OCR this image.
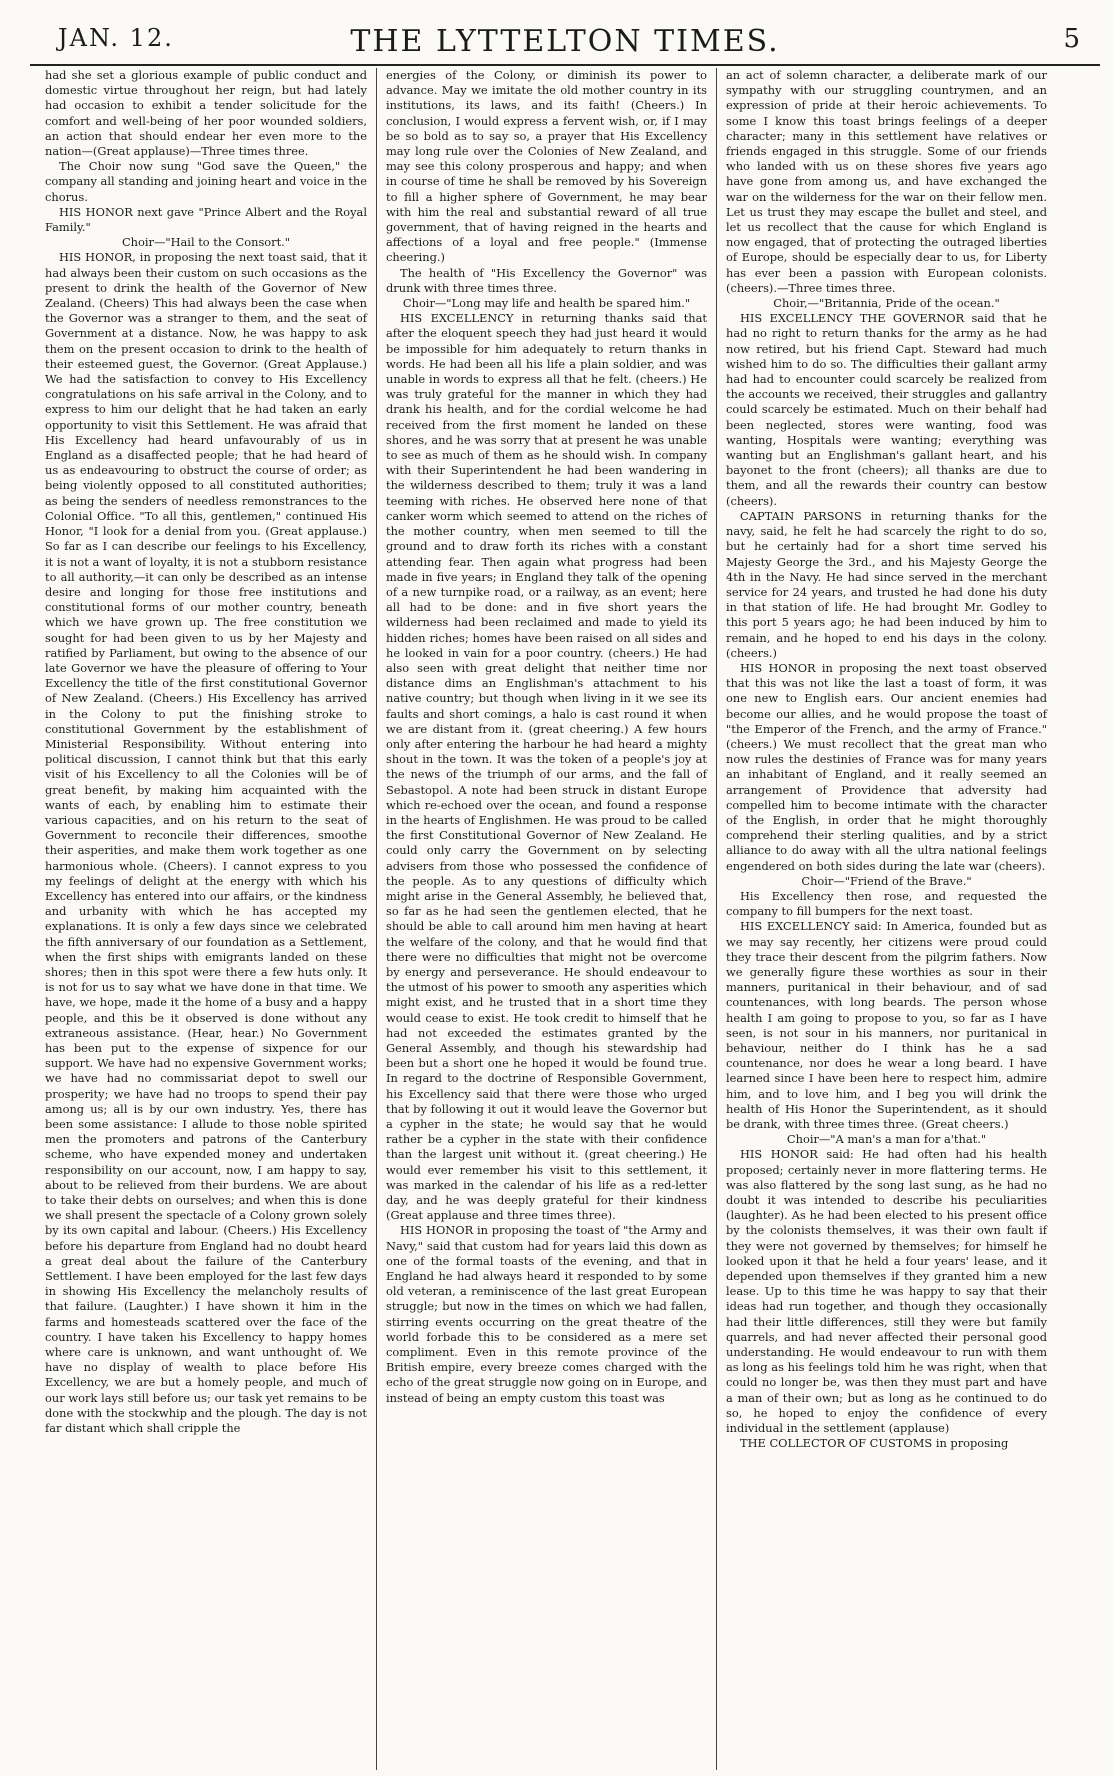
JAN. 12.	THE LYTTELTON TIMES.	5

had she set a glorious example of public conduct and domestic virtue throughout her reign, but had lately had occasion to exhibit a tender solicitude for the comfort and well-being of her poor wounded soldiers, an action that should endear her even more to the nation—(Great applause)—Three times three.

The Choir now sung "God save the Queen," the company all standing and joining heart and voice in the chorus.

HIS HONOR next gave "Prince Albert and the Royal Family."

Choir—"Hail to the Consort."

HIS HONOR, in proposing the next toast said, that it had always been their custom on such occasions as the present to drink the health of the Governor of New Zealand. (Cheers) This had always been the case when the Governor was a stranger to them, and the seat of Government at a distance. Now, he was happy to ask them on the present occasion to drink to the health of their esteemed guest, the Governor. (Great Applause.) We had the satisfaction to convey to His Excellency congratulations on his safe arrival in the Colony, and to express to him our delight that he had taken an early opportunity to visit this Settlement. He was afraid that His Excellency had heard unfavourably of us in England as a disaffected people; that he had heard of us as endeavouring to obstruct the course of order; as being violently opposed to all constituted authorities; as being the senders of needless remonstrances to the Colonial Office. "To all this, gentlemen," continued His Honor, "I look for a denial from you. (Great applause.) So far as I can describe our feelings to his Excellency, it is not a want of loyalty, it is not a stubborn resistance to all authority,—it can only be described as an intense desire and longing for those free institutions and constitutional forms of our mother country, beneath which we have grown up. The free constitution we sought for had been given to us by her Majesty and ratified by Parliament, but owing to the absence of our late Governor we have the pleasure of offering to Your Excellency the title of the first constitutional Governor of New Zealand. (Cheers.) His Excellency has arrived in the Colony to put the finishing stroke to constitutional Government by the establishment of Ministerial Responsibility. Without entering into political discussion, I cannot think but that this early visit of his Excellency to all the Colonies will be of great benefit, by making him acquainted with the wants of each, by enabling him to estimate their various capacities, and on his return to the seat of Government to reconcile their differences, smoothe their asperities, and make them work together as one harmonious whole. (Cheers). I cannot express to you my feelings of delight at the energy with which his Excellency has entered into our affairs, or the kindness and urbanity with which he has accepted my explanations. It is only a few days since we celebrated the fifth anniversary of our foundation as a Settlement, when the first ships with emigrants landed on these shores; then in this spot were there a few huts only. It is not for us to say what we have done in that time. We have, we hope, made it the home of a busy and a happy people, and this be it observed is done without any extraneous assistance. (Hear, hear.) No Government has been put to the expense of sixpence for our support. We have had no expensive Government works; we have had no commissariat depot to swell our prosperity; we have had no troops to spend their pay among us; all is by our own industry. Yes, there has been some assistance: I allude to those noble spirited men the promoters and patrons of the Canterbury scheme, who have expended money and undertaken responsibility on our account, now, I am happy to say, about to be relieved from their burdens. We are about to take their debts on ourselves; and when this is done we shall present the spectacle of a Colony grown solely by its own capital and labour. (Cheers.) His Excellency before his departure from England had no doubt heard a great deal about the failure of the Canterbury Settlement. I have been employed for the last few days in showing His Excellency the melancholy results of that failure. (Laughter.) I have shown it him in the farms and homesteads scattered over the face of the country. I have taken his Excellency to happy homes where care is unknown, and want unthought of. We have no display of wealth to place before His Excellency, we are but a homely people, and much of our work lays still before us; our task yet remains to be done with the stockwhip and the plough. The day is not far distant which shall cripple the

energies of the Colony, or diminish its power to advance. May we imitate the old mother country in its institutions, its laws, and its faith! (Cheers.) In conclusion, I would express a fervent wish, or, if I may be so bold as to say so, a prayer that His Excellency may long rule over the Colonies of New Zealand, and may see this colony prosperous and happy; and when in course of time he shall be removed by his Sovereign to fill a higher sphere of Government, he may bear with him the real and substantial reward of all true government, that of having reigned in the hearts and affections of a loyal and free people." (Immense cheering.)

The health of "His Excellency the Governor" was drunk with three times three.

Choir—"Long may life and health be spared him."

HIS EXCELLENCY in returning thanks said that after the eloquent speech they had just heard it would be impossible for him adequately to return thanks in words. He had been all his life a plain soldier, and was unable in words to express all that he felt. (cheers.) He was truly grateful for the manner in which they had drank his health, and for the cordial welcome he had received from the first moment he landed on these shores, and he was sorry that at present he was unable to see as much of them as he should wish. In company with their Superintendent he had been wandering in the wilderness described to them; truly it was a land teeming with riches. He observed here none of that canker worm which seemed to attend on the riches of the mother country, when men seemed to till the ground and to draw forth its riches with a constant attending fear. Then again what progress had been made in five years; in England they talk of the opening of a new turnpike road, or a railway, as an event; here all had to be done: and in five short years the wilderness had been reclaimed and made to yield its hidden riches; homes have been raised on all sides and he looked in vain for a poor country. (cheers.) He had also seen with great delight that neither time nor distance dims an Englishman's attachment to his native country; but though when living in it we see its faults and short comings, a halo is cast round it when we are distant from it. (great cheering.) A few hours only after entering the harbour he had heard a mighty shout in the town. It was the token of a people's joy at the news of the triumph of our arms, and the fall of Sebastopol. A note had been struck in distant Europe which re-echoed over the ocean, and found a response in the hearts of Englishmen. He was proud to be called the first Constitutional Governor of New Zealand. He could only carry the Government on by selecting advisers from those who possessed the confidence of the people. As to any questions of difficulty which might arise in the General Assembly, he believed that, so far as he had seen the gentlemen elected, that he should be able to call around him men having at heart the welfare of the colony, and that he would find that there were no difficulties that might not be overcome by energy and perseverance. He should endeavour to the utmost of his power to smooth any asperities which might exist, and he trusted that in a short time they would cease to exist. He took credit to himself that he had not exceeded the estimates granted by the General Assembly, and though his stewardship had been but a short one he hoped it would be found true. In regard to the doctrine of Responsible Government, his Excellency said that there were those who urged that by following it out it would leave the Governor but a cypher in the state; he would say that he would rather be a cypher in the state with their confidence than the largest unit without it. (great cheering.) He would ever remember his visit to this settlement, it was marked in the calendar of his life as a red-letter day, and he was deeply grateful for their kindness (Great applause and three times three).

HIS HONOR in proposing the toast of "the Army and Navy," said that custom had for years laid this down as one of the formal toasts of the evening, and that in England he had always heard it responded to by some old veteran, a reminiscence of the last great European struggle; but now in the times on which we had fallen, stirring events occurring on the great theatre of the world forbade this to be considered as a mere set compliment. Even in this remote province of the British empire, every breeze comes charged with the echo of the great struggle now going on in Europe, and instead of being an empty custom this toast was

an act of solemn character, a deliberate mark of our sympathy with our struggling countrymen, and an expression of pride at their heroic achievements. To some I know this toast brings feelings of a deeper character; many in this settlement have relatives or friends engaged in this struggle. Some of our friends who landed with us on these shores five years ago have gone from among us, and have exchanged the war on the wilderness for the war on their fellow men. Let us trust they may escape the bullet and steel, and let us recollect that the cause for which England is now engaged, that of protecting the outraged liberties of Europe, should be especially dear to us, for Liberty has ever been a passion with European colonists. (cheers).—Three times three.

Choir,—"Britannia, Pride of the ocean."

HIS EXCELLENCY THE GOVERNOR said that he had no right to return thanks for the army as he had now retired, but his friend Capt. Steward had much wished him to do so. The difficulties their gallant army had had to encounter could scarcely be realized from the accounts we received, their struggles and gallantry could scarcely be estimated. Much on their behalf had been neglected, stores were wanting, food was wanting, Hospitals were wanting; everything was wanting but an Englishman's gallant heart, and his bayonet to the front (cheers); all thanks are due to them, and all the rewards their country can bestow (cheers).

CAPTAIN PARSONS in returning thanks for the navy, said, he felt he had scarcely the right to do so, but he certainly had for a short time served his Majesty George the 3rd., and his Majesty George the 4th in the Navy. He had since served in the merchant service for 24 years, and trusted he had done his duty in that station of life. He had brought Mr. Godley to this port 5 years ago; he had been induced by him to remain, and he hoped to end his days in the colony. (cheers.)

HIS HONOR in proposing the next toast observed that this was not like the last a toast of form, it was one new to English ears. Our ancient enemies had become our allies, and he would propose the toast of "the Emperor of the French, and the army of France." (cheers.) We must recollect that the great man who now rules the destinies of France was for many years an inhabitant of England, and it really seemed an arrangement of Providence that adversity had compelled him to become intimate with the character of the English, in order that he might thoroughly comprehend their sterling qualities, and by a strict alliance to do away with all the ultra national feelings engendered on both sides during the late war (cheers).

Choir—"Friend of the Brave."

His Excellency then rose, and requested the company to fill bumpers for the next toast.

HIS EXCELLENCY said: In America, founded but as we may say recently, her citizens were proud could they trace their descent from the pilgrim fathers. Now we generally figure these worthies as sour in their manners, puritanical in their behaviour, and of sad countenances, with long beards. The person whose health I am going to propose to you, so far as I have seen, is not sour in his manners, nor puritanical in behaviour, neither do I think has he a sad countenance, nor does he wear a long beard. I have learned since I have been here to respect him, admire him, and to love him, and I beg you will drink the health of His Honor the Superintendent, as it should be drank, with three times three. (Great cheers.)

Choir—"A man's a man for a'that."

HIS HONOR said: He had often had his health proposed; certainly never in more flattering terms. He was also flattered by the song last sung, as he had no doubt it was intended to describe his peculiarities (laughter). As he had been elected to his present office by the colonists themselves, it was their own fault if they were not governed by themselves; for himself he looked upon it that he held a four years' lease, and it depended upon themselves if they granted him a new lease. Up to this time he was happy to say that their ideas had run together, and though they occasionally had their little differences, still they were but family quarrels, and had never affected their personal good understanding. He would endeavour to run with them as long as his feelings told him he was right, when that could no longer be, was then they must part and have a man of their own; but as long as he continued to do so, he hoped to enjoy the confidence of every individual in the settlement (applause)

THE COLLECTOR OF CUSTOMS in proposing
